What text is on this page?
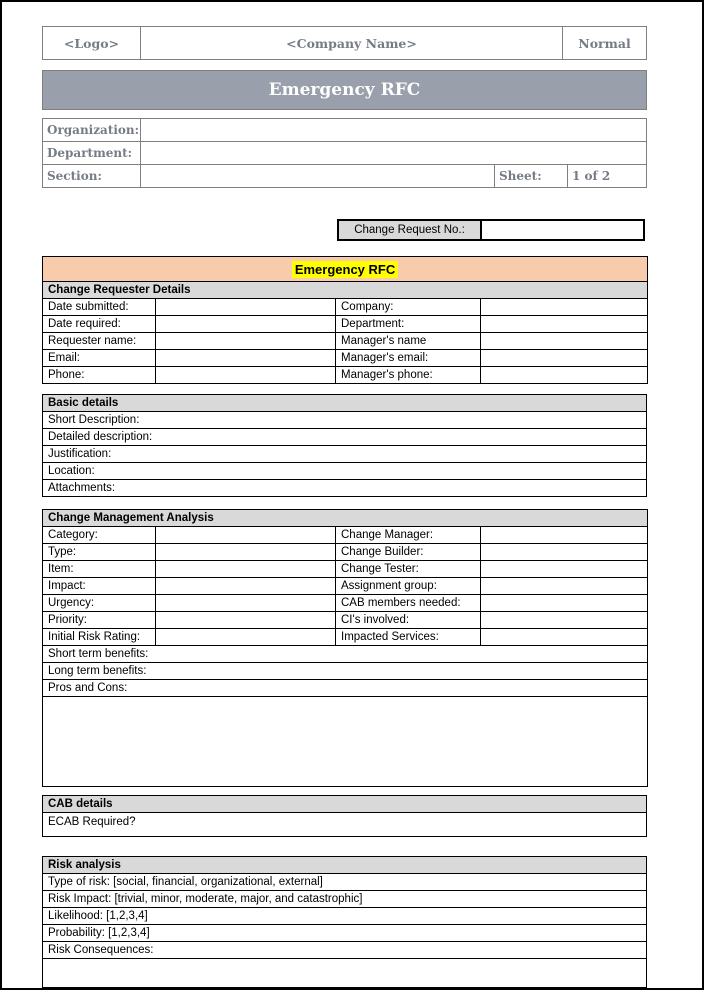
<Logo>	<Company Name>	Normal
Emergency RFC
Organization:			
Department:			
Section:		Sheet:	1 of 2
Change Request No.:
Emergency RFC			
Change Requester Details			
Date submitted:		Company:	
Date required:		Department:	
Requester name:		Manager's name	
Email:		Manager's email:	
Phone:		Manager's phone:	
Basic details
Short Description:
Detailed description:
Justification:
Location:
Attachments:
Change Management Analysis			
Category:		Change Manager:	
Type:		Change Builder:	
Item:		Change Tester:	
Impact:		Assignment group:	
Urgency:		CAB members needed:	
Priority:		CI's involved:	
Initial Risk Rating:		Impacted Services:	
Short term benefits:			
Long term benefits:			
Pros and Cons:			

CAB details
ECAB Required?
Risk analysis
Type of risk: [social, financial, organizational, external]
Risk Impact: [trivial, minor, moderate, major, and catastrophic]
Likelihood: [1,2,3,4]
Probability: [1,2,3,4]
Risk Consequences:
